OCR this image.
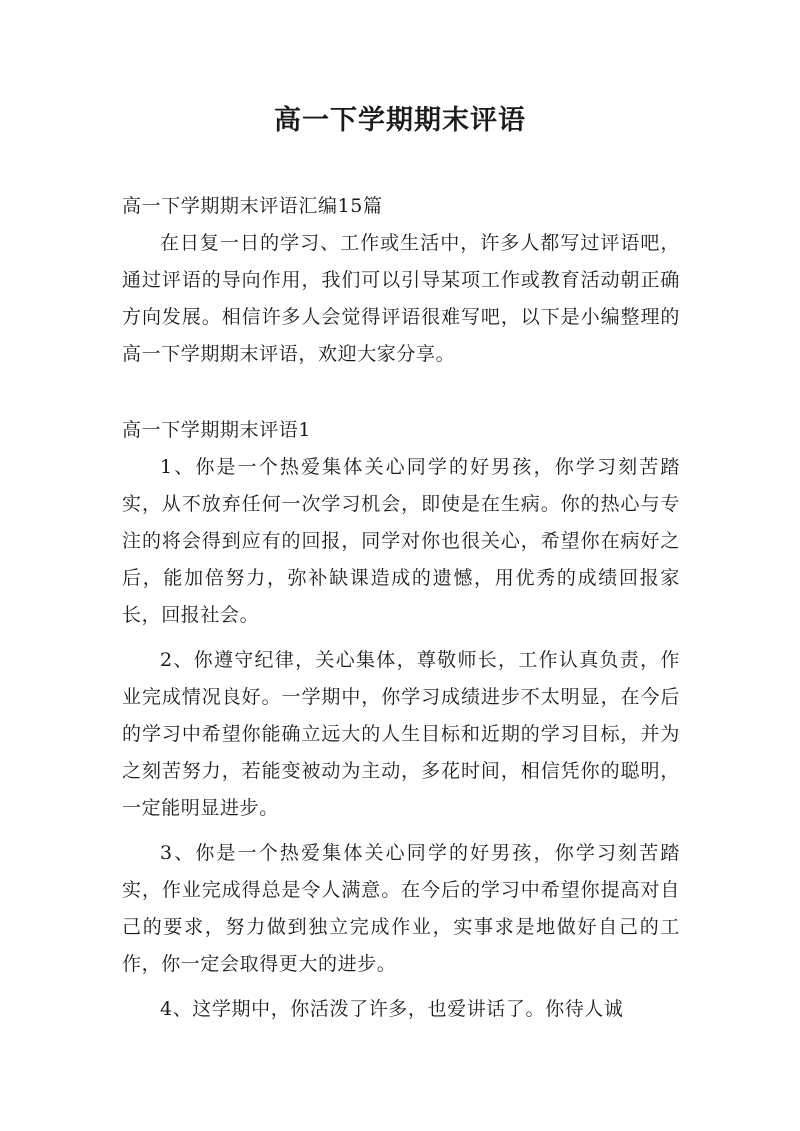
高一下学期期末评语

高一下学期期末评语汇编15篇

在日复一日的学习、工作或生活中，许多人都写过评语吧，通过评语的导向作用，我们可以引导某项工作或教育活动朝正确方向发展。相信许多人会觉得评语很难写吧，以下是小编整理的高一下学期期末评语，欢迎大家分享。

高一下学期期末评语1

1、你是一个热爱集体关心同学的好男孩，你学习刻苦踏实，从不放弃任何一次学习机会，即使是在生病。你的热心与专注的将会得到应有的回报，同学对你也很关心，希望你在病好之后，能加倍努力，弥补缺课造成的遗憾，用优秀的成绩回报家长，回报社会。

2、你遵守纪律，关心集体，尊敬师长，工作认真负责，作业完成情况良好。一学期中，你学习成绩进步不太明显，在今后的学习中希望你能确立远大的人生目标和近期的学习目标，并为之刻苦努力，若能变被动为主动，多花时间，相信凭你的聪明，一定能明显进步。

3、你是一个热爱集体关心同学的好男孩，你学习刻苦踏实，作业完成得总是令人满意。在今后的学习中希望你提高对自己的要求，努力做到独立完成作业，实事求是地做好自己的工作，你一定会取得更大的进步。

4、这学期中，你活泼了许多，也爱讲话了。你待人诚
